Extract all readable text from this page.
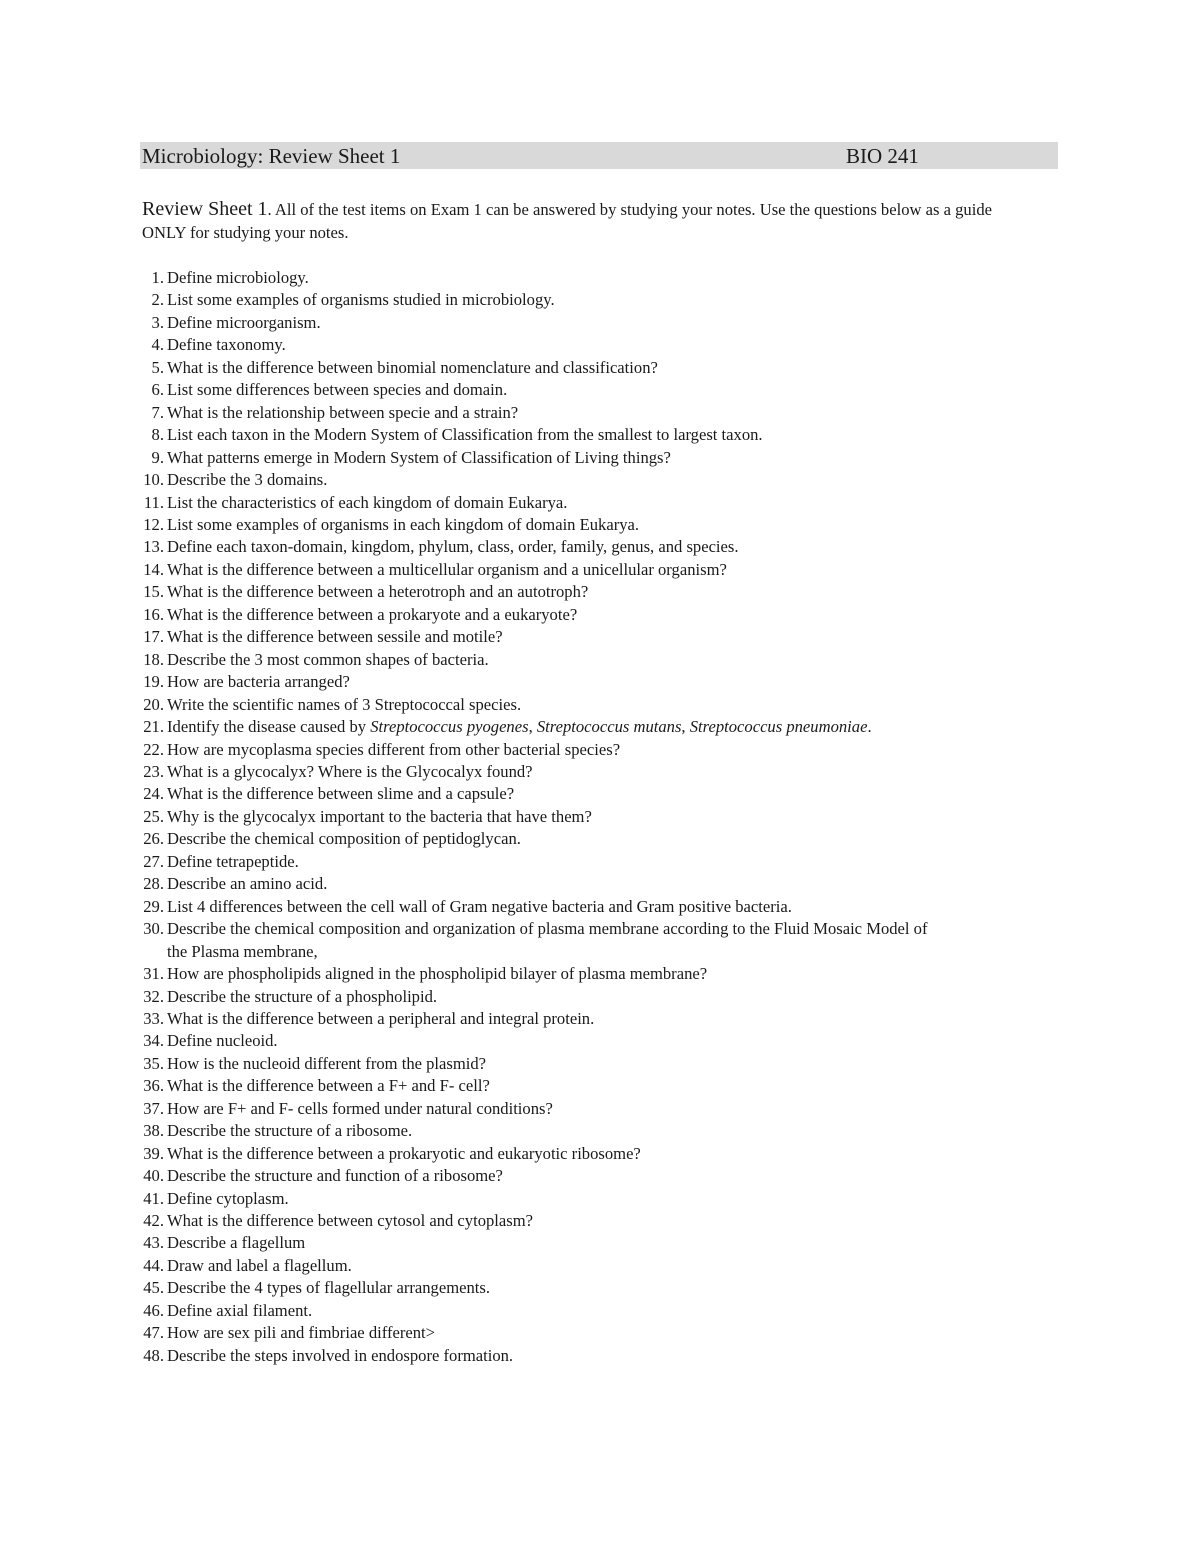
Microbiology: Review Sheet 1	BIO 241
Review Sheet 1. All of the test items on Exam 1 can be answered by studying your notes. Use the questions below as a guide ONLY for studying your notes.
1. Define microbiology.
2. List some examples of organisms studied in microbiology.
3. Define microorganism.
4. Define taxonomy.
5. What is the difference between binomial nomenclature and classification?
6. List some differences between species and domain.
7. What is the relationship between specie and a strain?
8. List each taxon in the Modern System of Classification from the smallest to largest taxon.
9. What patterns emerge in Modern System of Classification of Living things?
10. Describe the 3 domains.
11. List the characteristics of each kingdom of domain Eukarya.
12. List some examples of organisms in each kingdom of domain Eukarya.
13. Define each taxon-domain, kingdom, phylum, class, order, family, genus, and species.
14. What is the difference between a multicellular organism and a unicellular organism?
15. What is the difference between a heterotroph and an autotroph?
16. What is the difference between a prokaryote and a eukaryote?
17. What is the difference between sessile and motile?
18. Describe the 3 most common shapes of bacteria.
19. How are bacteria arranged?
20. Write the scientific names of 3 Streptococcal species.
21. Identify the disease caused by Streptococcus pyogenes, Streptococcus mutans, Streptococcus pneumoniae.
22. How are mycoplasma species different from other bacterial species?
23. What is a glycocalyx? Where is the Glycocalyx found?
24. What is the difference between slime and a capsule?
25. Why is the glycocalyx important to the bacteria that have them?
26. Describe the chemical composition of peptidoglycan.
27. Define tetrapeptide.
28. Describe an amino acid.
29. List 4 differences between the cell wall of Gram negative bacteria and Gram positive bacteria.
30. Describe the chemical composition and organization of plasma membrane according to the Fluid Mosaic Model of the Plasma membrane,
31. How are phospholipids aligned in the phospholipid bilayer of plasma membrane?
32. Describe the structure of a phospholipid.
33. What is the difference between a peripheral and integral protein.
34. Define nucleoid.
35. How is the nucleoid different from the plasmid?
36. What is the difference between a F+ and F- cell?
37. How are F+ and F- cells formed under natural conditions?
38. Describe the structure of a ribosome.
39. What is the difference between a prokaryotic and eukaryotic ribosome?
40. Describe the structure and function of a ribosome?
41. Define cytoplasm.
42. What is the difference between cytosol and cytoplasm?
43. Describe a flagellum
44. Draw and label a flagellum.
45. Describe the 4 types of flagellular arrangements.
46. Define axial filament.
47. How are sex pili and fimbriae different>
48. Describe the steps involved in endospore formation.
